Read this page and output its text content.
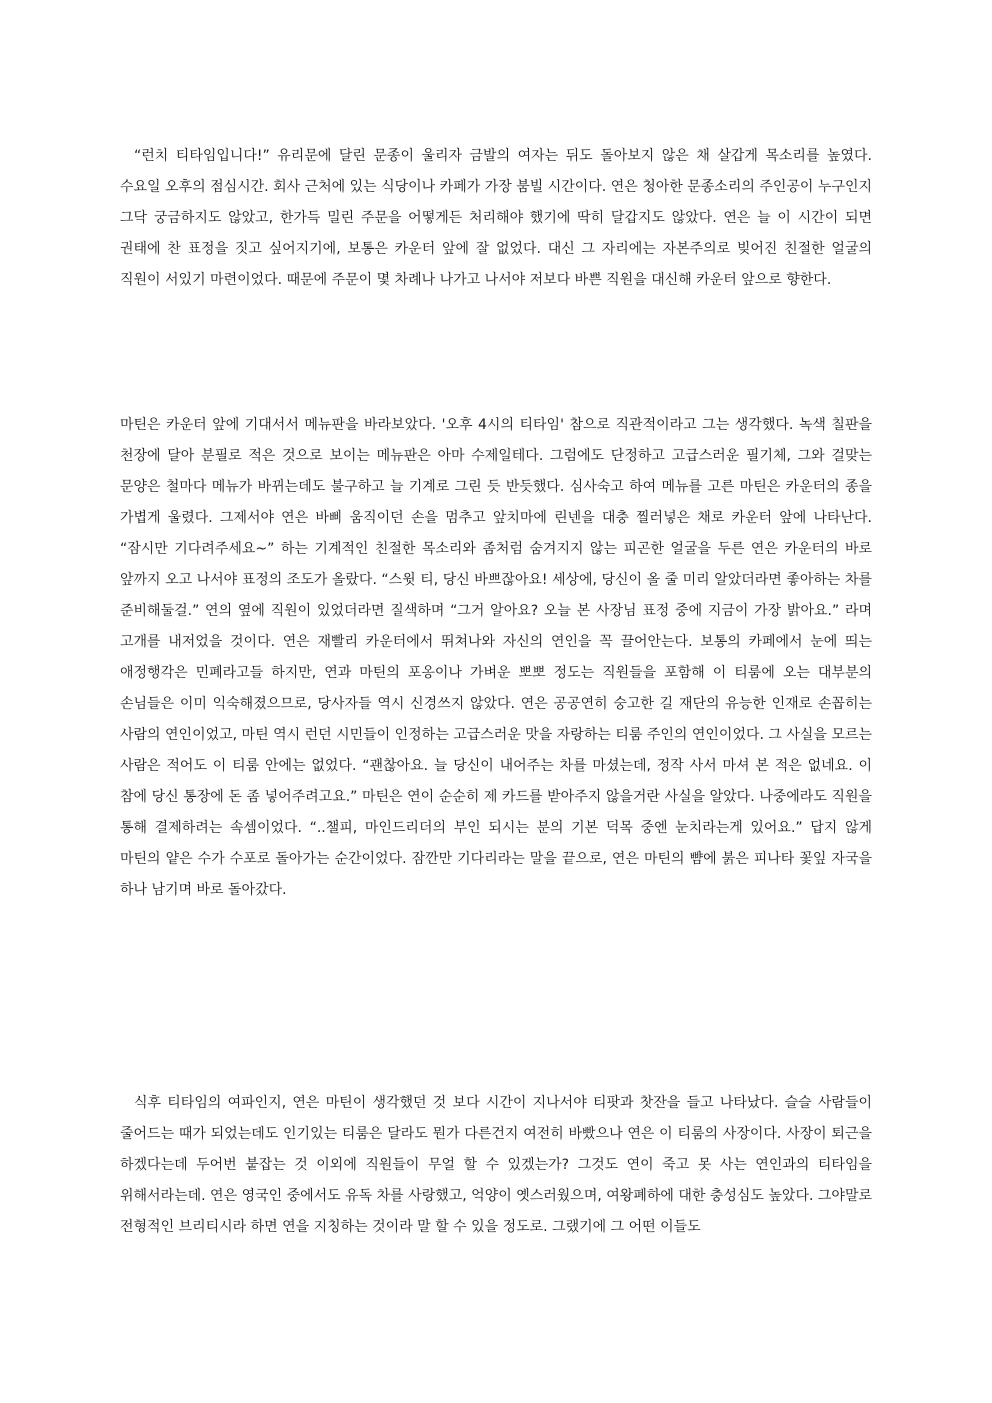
“런치 티타임입니다!” 유리문에 달린 문종이 울리자 금발의 여자는 뒤도 돌아보지 않은 채 살갑게 목소리를 높였다. 수요일 오후의 점심시간. 회사 근처에 있는 식당이나 카페가 가장 붐빌 시간이다. 연은 청아한 문종소리의 주인공이 누구인지 그닥 궁금하지도 않았고, 한가득 밀린 주문을 어떻게든 처리해야 했기에 딱히 달갑지도 않았다. 연은 늘 이 시간이 되면 권태에 찬 표정을 짓고 싶어지기에, 보통은 카운터 앞에 잘 없었다. 대신 그 자리에는 자본주의로 빚어진 친절한 얼굴의 직원이 서있기 마련이었다. 때문에 주문이 몇 차례나 나가고 나서야 저보다 바쁜 직원을 대신해 카운터 앞으로 향한다.

마틴은 카운터 앞에 기대서서 메뉴판을 바라보았다. '오후 4시의 티타임' 참으로 직관적이라고 그는 생각했다. 녹색 칠판을 천장에 달아 분필로 적은 것으로 보이는 메뉴판은 아마 수제일테다. 그럼에도 단정하고 고급스러운 필기체, 그와 걸맞는 문양은 철마다 메뉴가 바뀌는데도 불구하고 늘 기계로 그린 듯 반듯했다. 심사숙고 하여 메뉴를 고른 마틴은 카운터의 종을 가볍게 울렸다. 그제서야 연은 바삐 움직이던 손을 멈추고 앞치마에 린넨을 대충 찔러넣은 채로 카운터 앞에 나타난다. “잠시만 기다려주세요~” 하는 기계적인 친절한 목소리와 좀처럼 숨겨지지 않는 피곤한 얼굴을 두른 연은 카운터의 바로 앞까지 오고 나서야 표정의 조도가 올랐다. “스윗 티, 당신 바쁘잖아요! 세상에, 당신이 올 줄 미리 알았더라면 좋아하는 차를 준비해둘걸.” 연의 옆에 직원이 있었더라면 질색하며 “그거 알아요? 오늘 본 사장님 표정 중에 지금이 가장 밝아요.” 라며 고개를 내저었을 것이다. 연은 재빨리 카운터에서 뛰쳐나와 자신의 연인을 꼭 끌어안는다. 보통의 카페에서 눈에 띄는 애정행각은 민폐라고들 하지만, 연과 마틴의 포옹이나 가벼운 뽀뽀 정도는 직원들을 포함해 이 티룸에 오는 대부분의 손님들은 이미 익숙해졌으므로, 당사자들 역시 신경쓰지 않았다. 연은 공공연히 숭고한 길 재단의 유능한 인재로 손꼽히는 사람의 연인이었고, 마틴 역시 런던 시민들이 인정하는 고급스러운 맛을 자랑하는 티룸 주인의 연인이었다. 그 사실을 모르는 사람은 적어도 이 티룸 안에는 없었다. “괜찮아요. 늘 당신이 내어주는 차를 마셨는데, 정작 사서 마셔 본 적은 없네요. 이 참에 당신 통장에 돈 좀 넣어주려고요.” 마틴은 연이 순순히 제 카드를 받아주지 않을거란 사실을 알았다. 나중에라도 직원을 통해 결제하려는 속셈이었다. “..챌피, 마인드리더의 부인 되시는 분의 기본 덕목 중엔 눈치라는게 있어요.” 답지 않게 마틴의 얕은 수가 수포로 돌아가는 순간이었다. 잠깐만 기다리라는 말을 끝으로, 연은 마틴의 뺨에 붉은 피나타 꽃잎 자국을 하나 남기며 바로 돌아갔다.

식후 티타임의 여파인지, 연은 마틴이 생각했던 것 보다 시간이 지나서야 티팟과 찻잔을 들고 나타났다. 슬슬 사람들이 줄어드는 때가 되었는데도 인기있는 티룸은 달라도 뭔가 다른건지 여전히 바빴으나 연은 이 티룸의 사장이다. 사장이 퇴근을 하겠다는데 두어번 붙잡는 것 이외에 직원들이 무얼 할 수 있겠는가? 그것도 연이 죽고 못 사는 연인과의 티타임을 위해서라는데. 연은 영국인 중에서도 유독 차를 사랑했고, 억양이 옛스러웠으며, 여왕폐하에 대한 충성심도 높았다. 그야말로 전형적인 브리티시라 하면 연을 지칭하는 것이라 말 할 수 있을 정도로. 그랬기에 그 어떤 이들도
